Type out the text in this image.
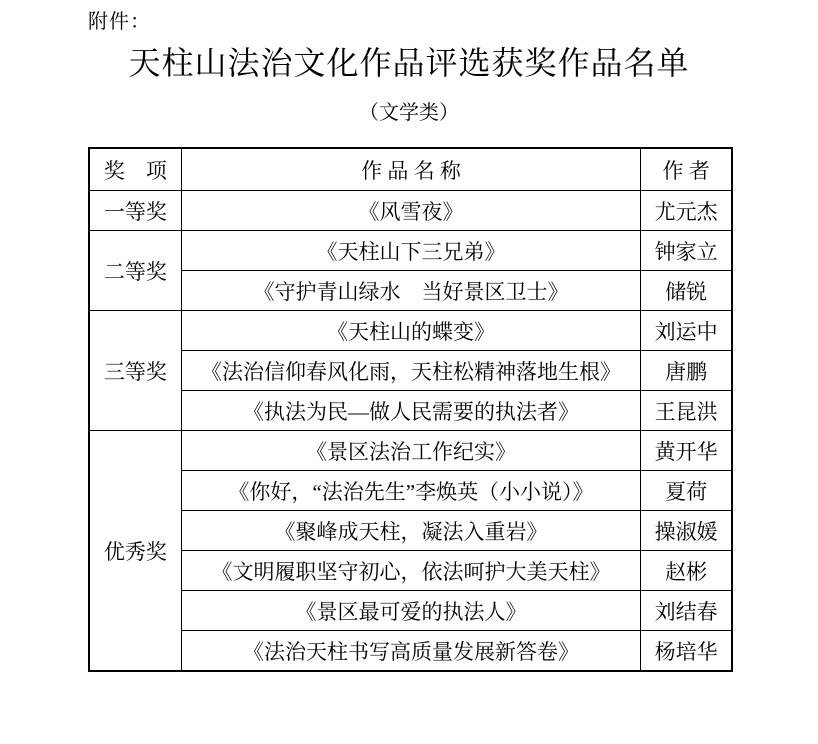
附件：
天柱山法治文化作品评选获奖作品名单
（文学类）
奖　项	作 品 名 称	作 者
一等奖	《风雪夜》	尤元杰
二等奖	《天柱山下三兄弟》	钟家立
	《守护青山绿水　当好景区卫士》	储锐
三等奖	《天柱山的蝶变》	刘运中
	《法治信仰春风化雨，天柱松精神落地生根》	唐鹏
	《执法为民—做人民需要的执法者》	王昆洪
优秀奖	《景区法治工作纪实》	黄开华
	《你好，“法治先生”李焕英（小小说）》	夏荷
	《聚峰成天柱，凝法入重岩》	操淑媛
	《文明履职坚守初心，依法呵护大美天柱》	赵彬
	《景区最可爱的执法人》	刘结春
	《法治天柱书写高质量发展新答卷》	杨培华
